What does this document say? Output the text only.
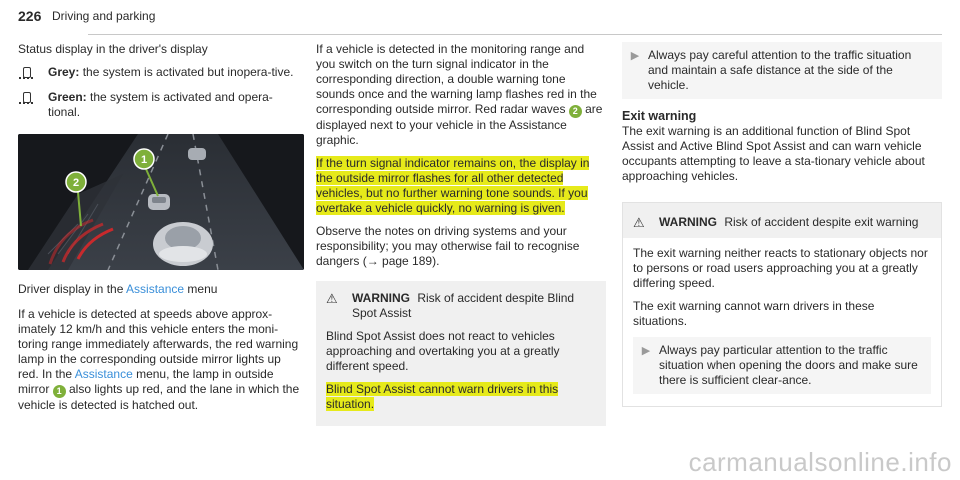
226 Driving and parking

Status display in the driver's display

Grey: the system is activated but inopera-tive.
Green: the system is activated and opera-tional.
1
2

Driver display in the Assistance menu

If a vehicle is detected at speeds above approx-imately 12 km/h and this vehicle enters the moni-toring range immediately afterwards, the red warning lamp in the corresponding outside mirror lights up red. In the Assistance menu, the lamp in outside mirror 1 also lights up red, and the lane in which the vehicle is detected is hatched out.

If a vehicle is detected in the monitoring range and you switch on the turn signal indicator in the corresponding direction, a double warning tone sounds once and the warning lamp flashes red in the corresponding outside mirror. Red radar waves 2 are displayed next to your vehicle in the Assistance graphic.

If the turn signal indicator remains on, the display in the outside mirror flashes for all other detected vehicles, but no further warning tone sounds. If you overtake a vehicle quickly, no warning is given.

Observe the notes on driving systems and your responsibility; you may otherwise fail to recognise dangers (→ page 189).

⚠	WARNING Risk of accident despite Blind Spot Assist

Blind Spot Assist does not react to vehicles approaching and overtaking you at a greatly different speed.

Blind Spot Assist cannot warn drivers in this situation.

▶ Always pay careful attention to the traffic situation and maintain a safe distance at the side of the vehicle.

Exit warning

The exit warning is an additional function of Blind Spot Assist and Active Blind Spot Assist and can warn vehicle occupants attempting to leave a sta-tionary vehicle about approaching vehicles.

⚠	WARNING Risk of accident despite exit warning

The exit warning neither reacts to stationary objects nor to persons or road users approaching you at a greatly differing speed.

The exit warning cannot warn drivers in these situations.

▶ Always pay particular attention to the traffic situation when opening the doors and make sure there is sufficient clear-ance.
carmanualsonline.info
